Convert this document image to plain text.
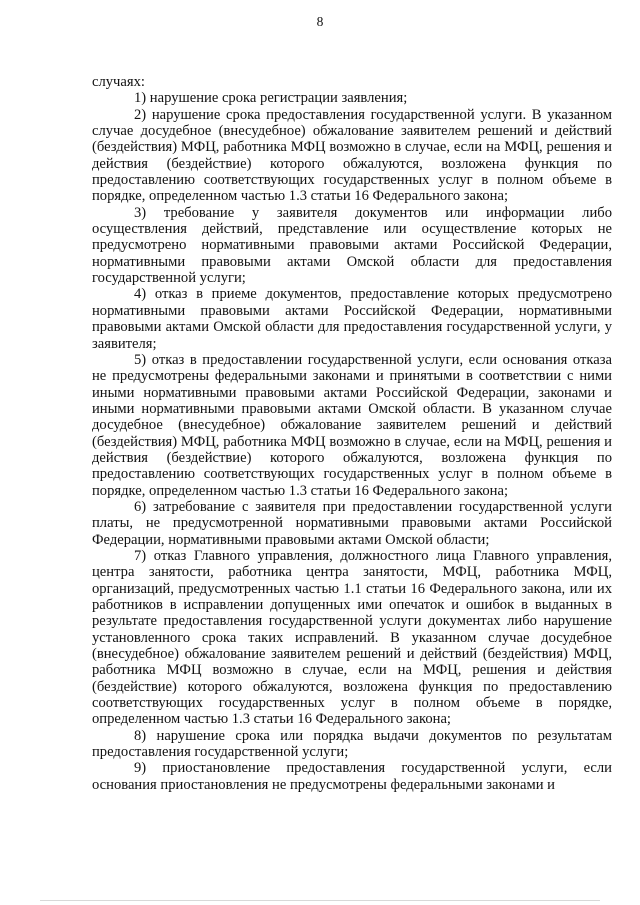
8

случаях:

1) нарушение срока регистрации заявления;

2) нарушение срока предоставления государственной услуги. В указанном случае досудебное (внесудебное) обжалование заявителем решений и действий (бездействия) МФЦ, работника МФЦ возможно в случае, если на МФЦ, решения и действия (бездействие) которого обжалуются, возложена функция по предоставлению соответствующих государственных услуг в полном объеме в порядке, определенном частью 1.3 статьи 16 Федерального закона;

3) требование у заявителя документов или информации либо осуществления действий, представление или осуществление которых не предусмотрено нормативными правовыми актами Российской Федерации, нормативными правовыми актами Омской области для предоставления государственной услуги;

4) отказ в приеме документов, предоставление которых предусмотрено нормативными правовыми актами Российской Федерации, нормативными правовыми актами Омской области для предоставления государственной услуги, у заявителя;

5) отказ в предоставлении государственной услуги, если основания отказа не предусмотрены федеральными законами и принятыми в соответствии с ними иными нормативными правовыми актами Российской Федерации, законами и иными нормативными правовыми актами Омской области. В указанном случае досудебное (внесудебное) обжалование заявителем решений и действий (бездействия) МФЦ, работника МФЦ возможно в случае, если на МФЦ, решения и действия (бездействие) которого обжалуются, возложена функция по предоставлению соответствующих государственных услуг в полном объеме в порядке, определенном частью 1.3 статьи 16 Федерального закона;

6) затребование с заявителя при предоставлении государственной услуги платы, не предусмотренной нормативными правовыми актами Российской Федерации, нормативными правовыми актами Омской области;

7) отказ Главного управления, должностного лица Главного управления, центра занятости, работника центра занятости, МФЦ, работника МФЦ, организаций, предусмотренных частью 1.1 статьи 16 Федерального закона, или их работников в исправлении допущенных ими опечаток и ошибок в выданных в результате предоставления государственной услуги документах либо нарушение установленного срока таких исправлений. В указанном случае досудебное (внесудебное) обжалование заявителем решений и действий (бездействия) МФЦ, работника МФЦ возможно в случае, если на МФЦ, решения и действия (бездействие) которого обжалуются, возложена функция по предоставлению соответствующих государственных услуг в полном объеме в порядке, определенном частью 1.3 статьи 16 Федерального закона;

8) нарушение срока или порядка выдачи документов по результатам предоставления государственной услуги;

9) приостановление предоставления государственной услуги, если основания приостановления не предусмотрены федеральными законами и
